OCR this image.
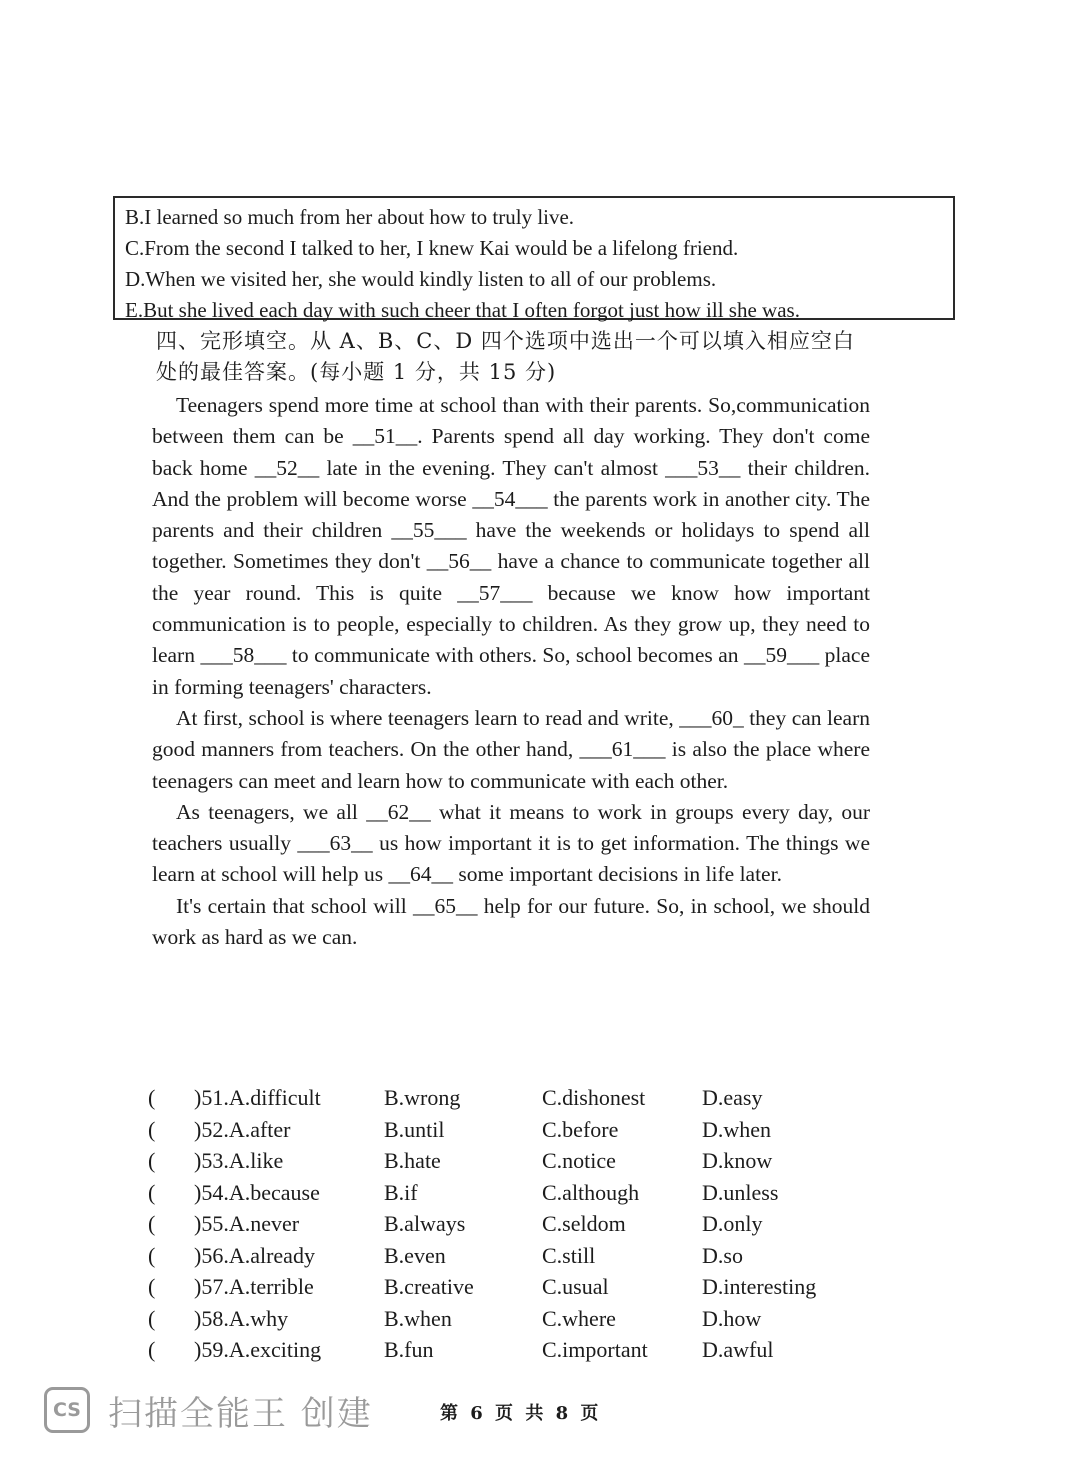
B.I learned so much from her about how to truly live.
C.From the second I talked to her, I knew Kai would be a lifelong friend.
D.When we visited her, she would kindly listen to all of our problems.
E.But she lived each day with such cheer that I often forgot just how ill she was.
四、完形填空。从 A、B、C、D 四个选项中选出一个可以填入相应空白处的最佳答案。(每小题 1 分，共 15 分)

Teenagers spend more time at school than with their parents. So,communication between them can be __51__. Parents spend all day working. They don't come back home __52__ late in the evening. They can't almost ___53__ their children. And the problem will become worse __54___ the parents work in another city. The parents and their children __55___ have the weekends or holidays to spend all together. Sometimes they don't __56__ have a chance to communicate together all the year round. This is quite __57___ because we know how important communication is to people, especially to children. As they grow up, they need to learn ___58___ to communicate with others. So, school becomes an __59___ place in forming teenagers' characters.

At first, school is where teenagers learn to read and write, ___60_ they can learn good manners from teachers. On the other hand, ___61___ is also the place where teenagers can meet and learn how to communicate with each other.

As teenagers, we all __62__ what it means to work in groups every day, our teachers usually ___63__ us how important it is to get information. The things we learn at school will help us __64__ some important decisions in life later.

It's certain that school will __65__ help for our future. So, in school, we should work as hard as we can.

( )51.A.difficult	B.wrong	C.dishonest	D.easy
( )52.A.after	B.until	C.before	D.when
( )53.A.like	B.hate	C.notice	D.know
( )54.A.because	B.if	C.although	D.unless
( )55.A.never	B.always	C.seldom	D.only
( )56.A.already	B.even	C.still	D.so
( )57.A.terrible	B.creative	C.usual	D.interesting
( )58.A.why	B.when	C.where	D.how
( )59.A.exciting	B.fun	C.important D.awful
CS 扫描全能王 创建	第 6 页 共 8 页
